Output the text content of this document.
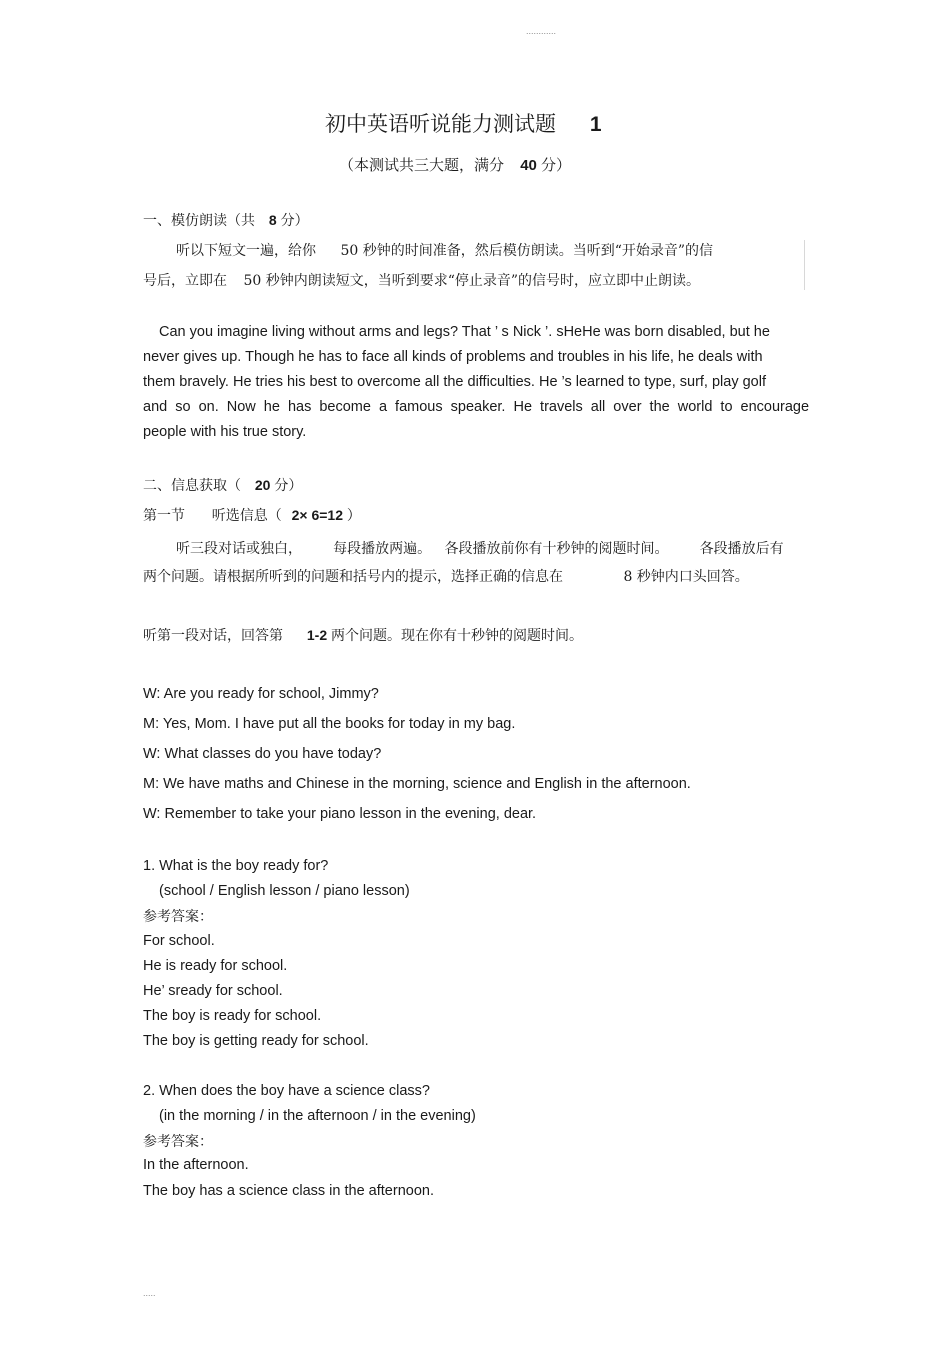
............
.....
初中英语听说能力测试题 1
（本测试共三大题，满分 40 分）
一、模仿朗读（共 8 分）
听以下短文一遍，给你 50 秒钟的时间准备，然后模仿朗读。当听到“开始录音”的信
号后，立即在 50 秒钟内朗读短文，当听到要求“停止录音”的信号时，应立即中止朗读。
Can you imagine living without arms and legs? That ’ s Nick ’. sHeHe was born disabled, but he
never gives up. Though he has to face all kinds of problems and troubles in his life, he deals with
them bravely. He tries his best to overcome all the difficulties. He ’s learned to type, surf, play golf
and so on. Now he has become a famous speaker. He travels all over the world to encourage
people with his true story.
二、信息获取（ 20 分）
第一节      听选信息（ 2× 6=12 ）
听三段对话或独白，       每段播放两遍。   各段播放前你有十秒钟的阅题时间。       各段播放后有
两个问题。请根据所听到的问题和括号内的提示，选择正确的信息在	8 秒钟内口头回答。
听第一段对话，回答第 1-2 两个问题。现在你有十秒钟的阅题时间。
W: Are you ready for school, Jimmy?
M: Yes, Mom. I have put all the books for today in my bag.
W: What classes do you have today?
M: We have maths and Chinese in the morning, science and English in the afternoon.
W: Remember to take your piano lesson in the evening, dear.
1. What is the boy ready for?
(school / English lesson / piano lesson)
参考答案：
For school.
He is ready for school.
He’ sready for school.
The boy is ready for school.
The boy is getting ready for school.
2. When does the boy have a science class?
(in the morning / in the afternoon / in the evening)
参考答案：
In the afternoon.
The boy has a science class in the afternoon.
